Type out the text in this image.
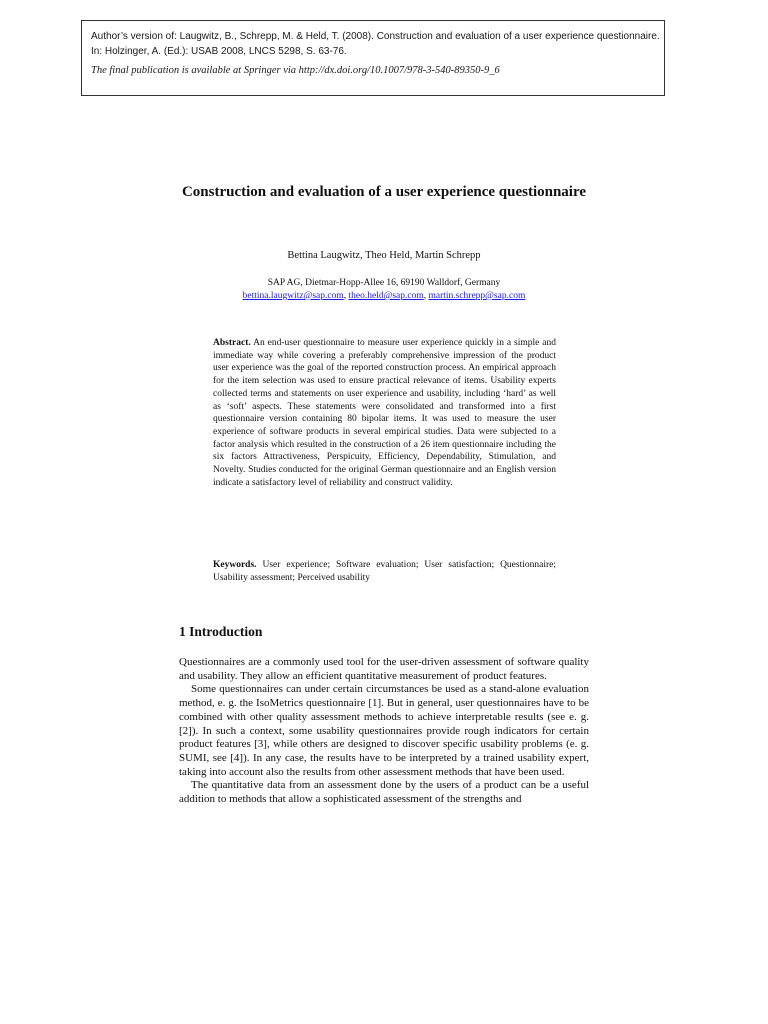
Author’s version of: Laugwitz, B., Schrepp, M. & Held, T. (2008). Construction and evaluation of a user experience questionnaire.
In: Holzinger, A. (Ed.): USAB 2008, LNCS 5298, S. 63-76.
The final publication is available at Springer via http://dx.doi.org/10.1007/978-3-540-89350-9_6
Construction and evaluation of a user experience questionnaire
Bettina Laugwitz, Theo Held, Martin Schrepp
SAP AG, Dietmar-Hopp-Allee 16, 69190 Walldorf, Germany
bettina.laugwitz@sap.com, theo.held@sap.com, martin.schrepp@sap.com
Abstract. An end-user questionnaire to measure user experience quickly in a simple and immediate way while covering a preferably comprehensive impression of the product user experience was the goal of the reported construction process. An empirical approach for the item selection was used to ensure practical relevance of items. Usability experts collected terms and statements on user experience and usability, including ‘hard’ as well as ‘soft’ aspects. These statements were consolidated and transformed into a first questionnaire version containing 80 bipolar items. It was used to measure the user experience of software products in several empirical studies. Data were subjected to a factor analysis which resulted in the construction of a 26 item questionnaire including the six factors Attractiveness, Perspicuity, Efficiency, Dependability, Stimulation, and Novelty. Studies conducted for the original German questionnaire and an English version indicate a satisfactory level of reliability and construct validity.
Keywords. User experience; Software evaluation; User satisfaction; Questionnaire; Usability assessment; Perceived usability
1 Introduction

Questionnaires are a commonly used tool for the user-driven assessment of software quality and usability. They allow an efficient quantitative measurement of product features.

Some questionnaires can under certain circumstances be used as a stand-alone evaluation method, e. g. the IsoMetrics questionnaire [1]. But in general, user questionnaires have to be combined with other quality assessment methods to achieve interpretable results (see e. g. [2]). In such a context, some usability questionnaires provide rough indicators for certain product features [3], while others are designed to discover specific usability problems (e. g. SUMI, see [4]). In any case, the results have to be interpreted by a trained usability expert, taking into account also the results from other assessment methods that have been used.

The quantitative data from an assessment done by the users of a product can be a useful addition to methods that allow a sophisticated assessment of the strengths and
